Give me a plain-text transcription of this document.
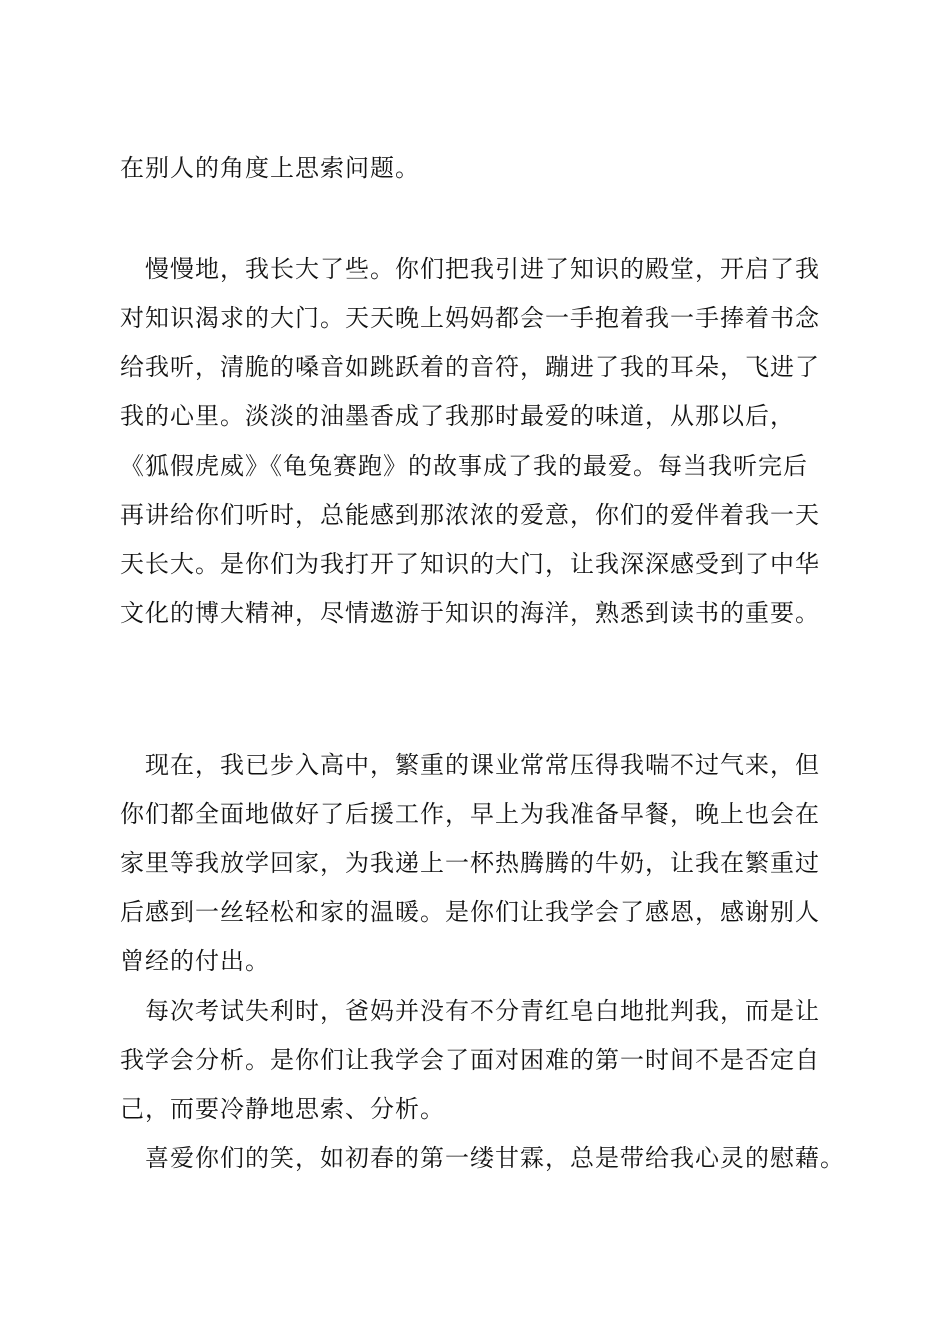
在别人的角度上思索问题。
慢慢地，我长大了些。你们把我引进了知识的殿堂，开启了我
对知识渴求的大门。天天晚上妈妈都会一手抱着我一手捧着书念
给我听，清脆的嗓音如跳跃着的音符，蹦进了我的耳朵，飞进了
我的心里。淡淡的油墨香成了我那时最爱的味道，从那以后，
《狐假虎威》《龟兔赛跑》的故事成了我的最爱。每当我听完后
再讲给你们听时，总能感到那浓浓的爱意，你们的爱伴着我一天
天长大。是你们为我打开了知识的大门，让我深深感受到了中华
文化的博大精神，尽情遨游于知识的海洋，熟悉到读书的重要。
现在，我已步入高中，繁重的课业常常压得我喘不过气来，但
你们都全面地做好了后援工作，早上为我准备早餐，晚上也会在
家里等我放学回家，为我递上一杯热腾腾的牛奶，让我在繁重过
后感到一丝轻松和家的温暖。是你们让我学会了感恩，感谢别人
曾经的付出。
每次考试失利时，爸妈并没有不分青红皂白地批判我，而是让
我学会分析。是你们让我学会了面对困难的第一时间不是否定自
己，而要冷静地思索、分析。
喜爱你们的笑，如初春的第一缕甘霖，总是带给我心灵的慰藉。
